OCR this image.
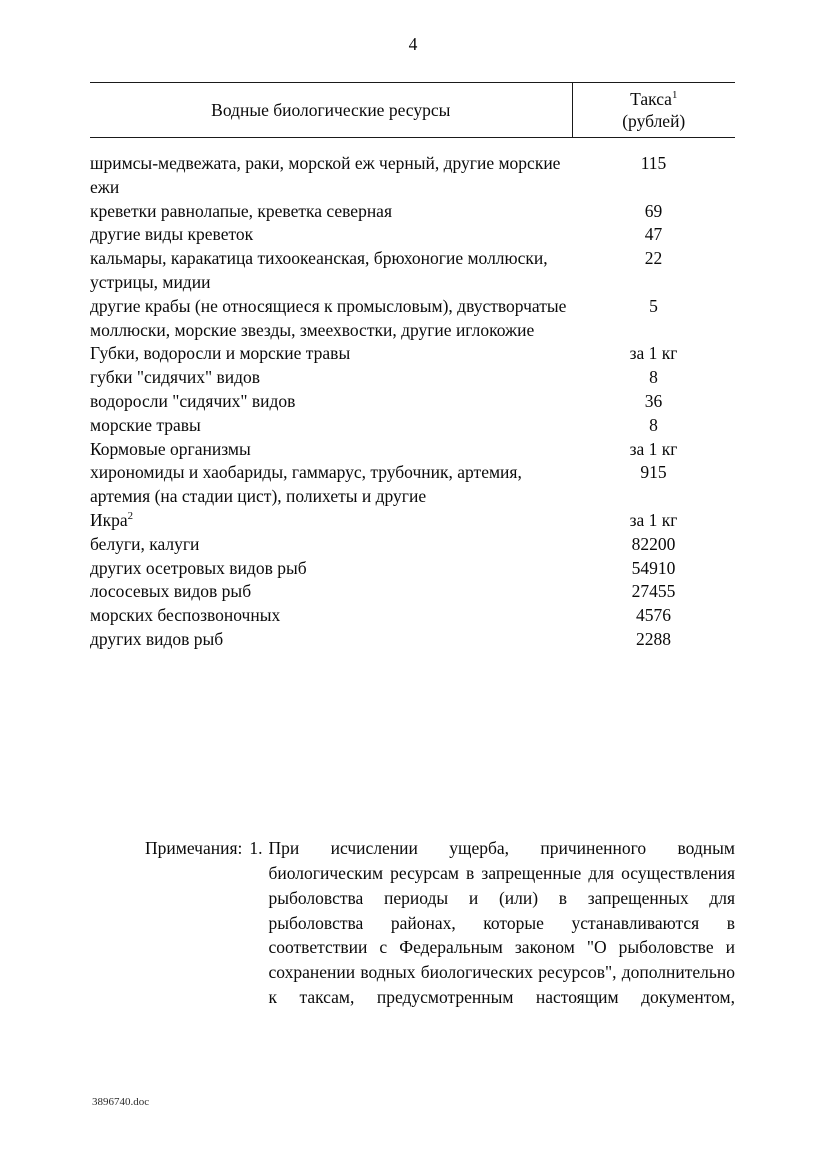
4
Водные биологические ресурсы	Такса$^1$
(рублей)

шримсы-медвежата, раки, морской еж черный, другие морские ежи	115
креветки равнолапые, креветка северная	69
другие виды креветок	47
кальмары, каракатица тихоокеанская, брюхоногие моллюски, устрицы, мидии	22
другие крабы (не относящиеся к промысловым), двустворчатые моллюски, морские звезды, змеехвостки, другие иглокожие	5
Губки, водоросли и морские травы	за 1 кг
губки "сидячих" видов	8
водоросли "сидячих" видов	36
морские травы	8
Кормовые организмы	за 1 кг
хирономиды и хаобариды, гаммарус, трубочник, артемия, артемия (на стадии цист), полихеты и другие	915
Икра$^2$	за 1 кг
белуги, калуги	82200
других осетровых видов рыб	54910
лососевых видов рыб	27455
морских беспозвоночных	4576
других видов рыб	2288
Примечания: 1. При исчислении ущерба, причиненного водным биологическим ресурсам в запрещенные для осуществления рыболовства периоды и (или) в запрещенных для рыболовства районах, которые устанавливаются в соответствии с Федеральным законом "О рыболовстве и сохранении водных биологических ресурсов", дополнительно к таксам, предусмотренным настоящим документом,
3896740.doc
